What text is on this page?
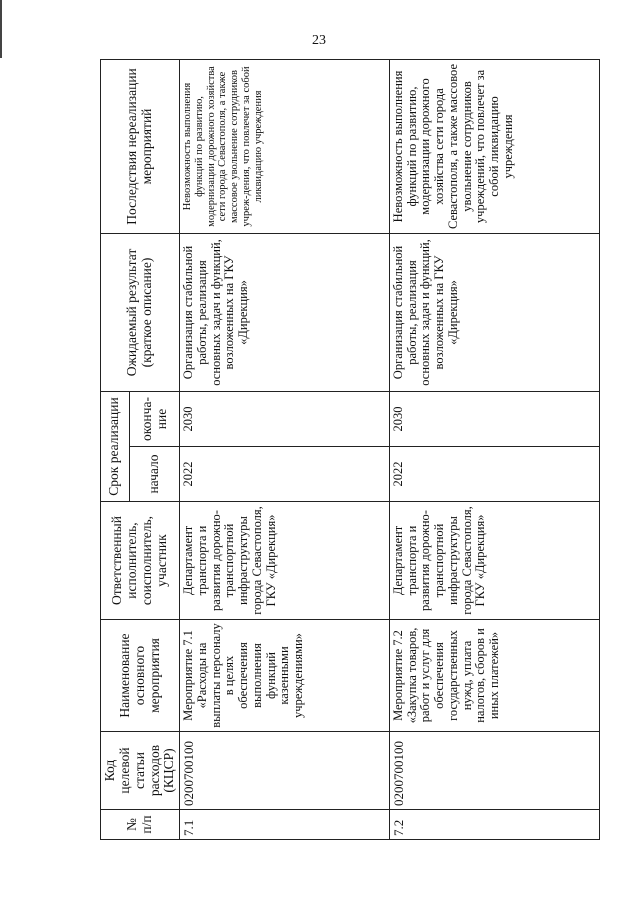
23
№ п/п	Код целевой статьи расходов (КЦСР)	Наименование основного мероприятия	Ответственный исполнитель, соисполнитель, участник	Срок реализации		Ожидаемый результат (краткое описание)	Последствия нереализации мероприятий
				начало	оконча-ние		
7.1	0200700100	Мероприятие 7.1 «Расходы на выплаты персоналу в целях обеспечения выполнения функций казенными учреждениями»	Департамент транспорта и развития дорожно-транспортной инфраструктуры города Севастополя, ГКУ «Дирекция»	2022	2030	Организация стабильной работы, реализация основных задач и функций, возложенных на ГКУ «Дирекция»	Невозможность выполнения функций по развитию, модернизации дорожного хозяйства сети города Севастополя, а также массовое увольнение сотрудников учреж-дения, что повлечет за собой ликвидацию учреждения
7.2	0200700100	Мероприятие 7.2 «Закупка товаров, работ и услуг для обеспечения государственных нужд, уплата налогов, сборов и иных платежей»	Департамент транспорта и развития дорожно-транспортной инфраструктуры города Севастополя, ГКУ «Дирекция»	2022	2030	Организация стабильной работы, реализация основных задач и функций, возложенных на ГКУ «Дирекция»	Невозможность выполнения функций по развитию, модернизации дорожного хозяйства сети города Севастополя, а также массовое увольнение сотрудников учреждений, что повлечет за собой ликвидацию учреждения
